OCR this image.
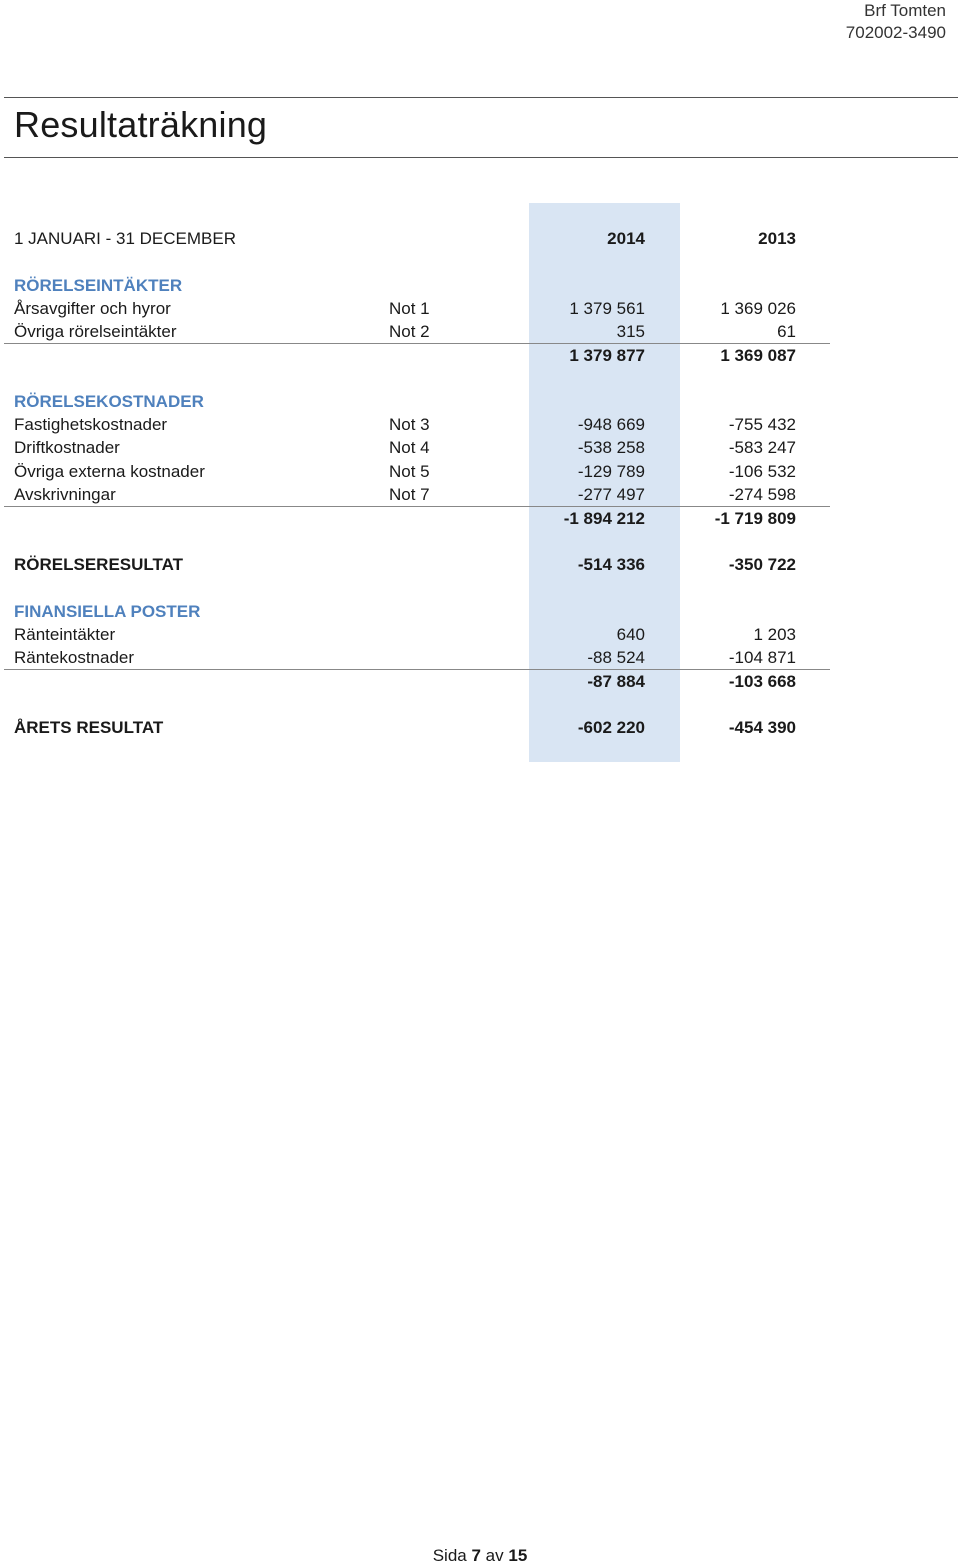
Brf Tomten
702002-3490
Resultaträkning
1 JANUARI - 31 DECEMBER	2014	2013
RÖRELSEINTÄKTER
Årsavgifter och hyror	Not 1	1 379 561	1 369 026
Övriga rörelseintäkter	Not 2	315	61
1 379 877	1 369 087
RÖRELSEKOSTNADER
Fastighetskostnader	Not 3	-948 669	-755 432
Driftkostnader	Not 4	-538 258	-583 247
Övriga externa kostnader	Not 5	-129 789	-106 532
Avskrivningar	Not 7	-277 497	-274 598
-1 894 212	-1 719 809
RÖRELSERESULTAT	-514 336	-350 722
FINANSIELLA POSTER
Ränteintäkter	640	1 203
Räntekostnader	-88 524	-104 871
-87 884	-103 668
ÅRETS RESULTAT	-602 220	-454 390
Sida 7 av 15
